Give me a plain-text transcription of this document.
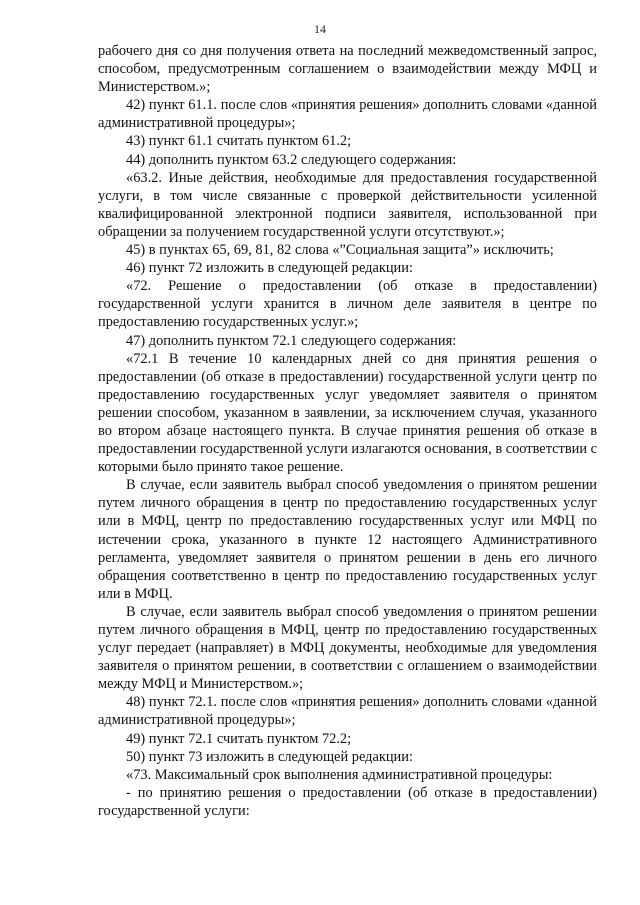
14

рабочего дня со дня получения ответа на последний межведомственный запрос, способом, предусмотренным соглашением о взаимодействии между МФЦ и Министерством.»;

42) пункт 61.1. после слов «принятия решения» дополнить словами «данной административной процедуры»;

43) пункт 61.1 считать пунктом 61.2;

44) дополнить пунктом 63.2 следующего содержания:

«63.2. Иные действия, необходимые для предоставления государственной услуги, в том числе связанные с проверкой действительности усиленной квалифицированной электронной подписи заявителя, использованной при обращении за получением государственной услуги отсутствуют.»;

45) в пунктах 65, 69, 81, 82 слова «”Социальная защита”» исключить;

46) пункт 72 изложить в следующей редакции:

«72. Решение о предоставлении (об отказе в предоставлении) государственной услуги хранится в личном деле заявителя в центре по предоставлению государственных услуг.»;

47) дополнить пунктом 72.1 следующего содержания:

«72.1 В течение 10 календарных дней со дня принятия решения о предоставлении (об отказе в предоставлении) государственной услуги центр по предоставлению государственных услуг уведомляет заявителя о принятом решении способом, указанном в заявлении, за исключением случая, указанного во втором абзаце настоящего пункта. В случае принятия решения об отказе в предоставлении государственной услуги излагаются основания, в соответствии с которыми было принято такое решение.

В случае, если заявитель выбрал способ уведомления о принятом решении путем личного обращения в центр по предоставлению государственных услуг или в МФЦ, центр по предоставлению государственных услуг или МФЦ по истечении срока, указанного в пункте 12 настоящего Административного регламента, уведомляет заявителя о принятом решении в день его личного обращения соответственно в центр по предоставлению государственных услуг или в МФЦ.

В случае, если заявитель выбрал способ уведомления о принятом решении путем личного обращения в МФЦ, центр по предоставлению государственных услуг передает (направляет) в МФЦ документы, необходимые для уведомления заявителя о принятом решении, в соответствии с оглашением о взаимодействии между МФЦ и Министерством.»;

48) пункт 72.1. после слов «принятия решения» дополнить словами «данной административной процедуры»;

49) пункт 72.1 считать пунктом 72.2;

50) пункт 73 изложить в следующей редакции:

«73. Максимальный срок выполнения административной процедуры:

- по принятию решения о предоставлении (об отказе в предоставлении) государственной услуги:
